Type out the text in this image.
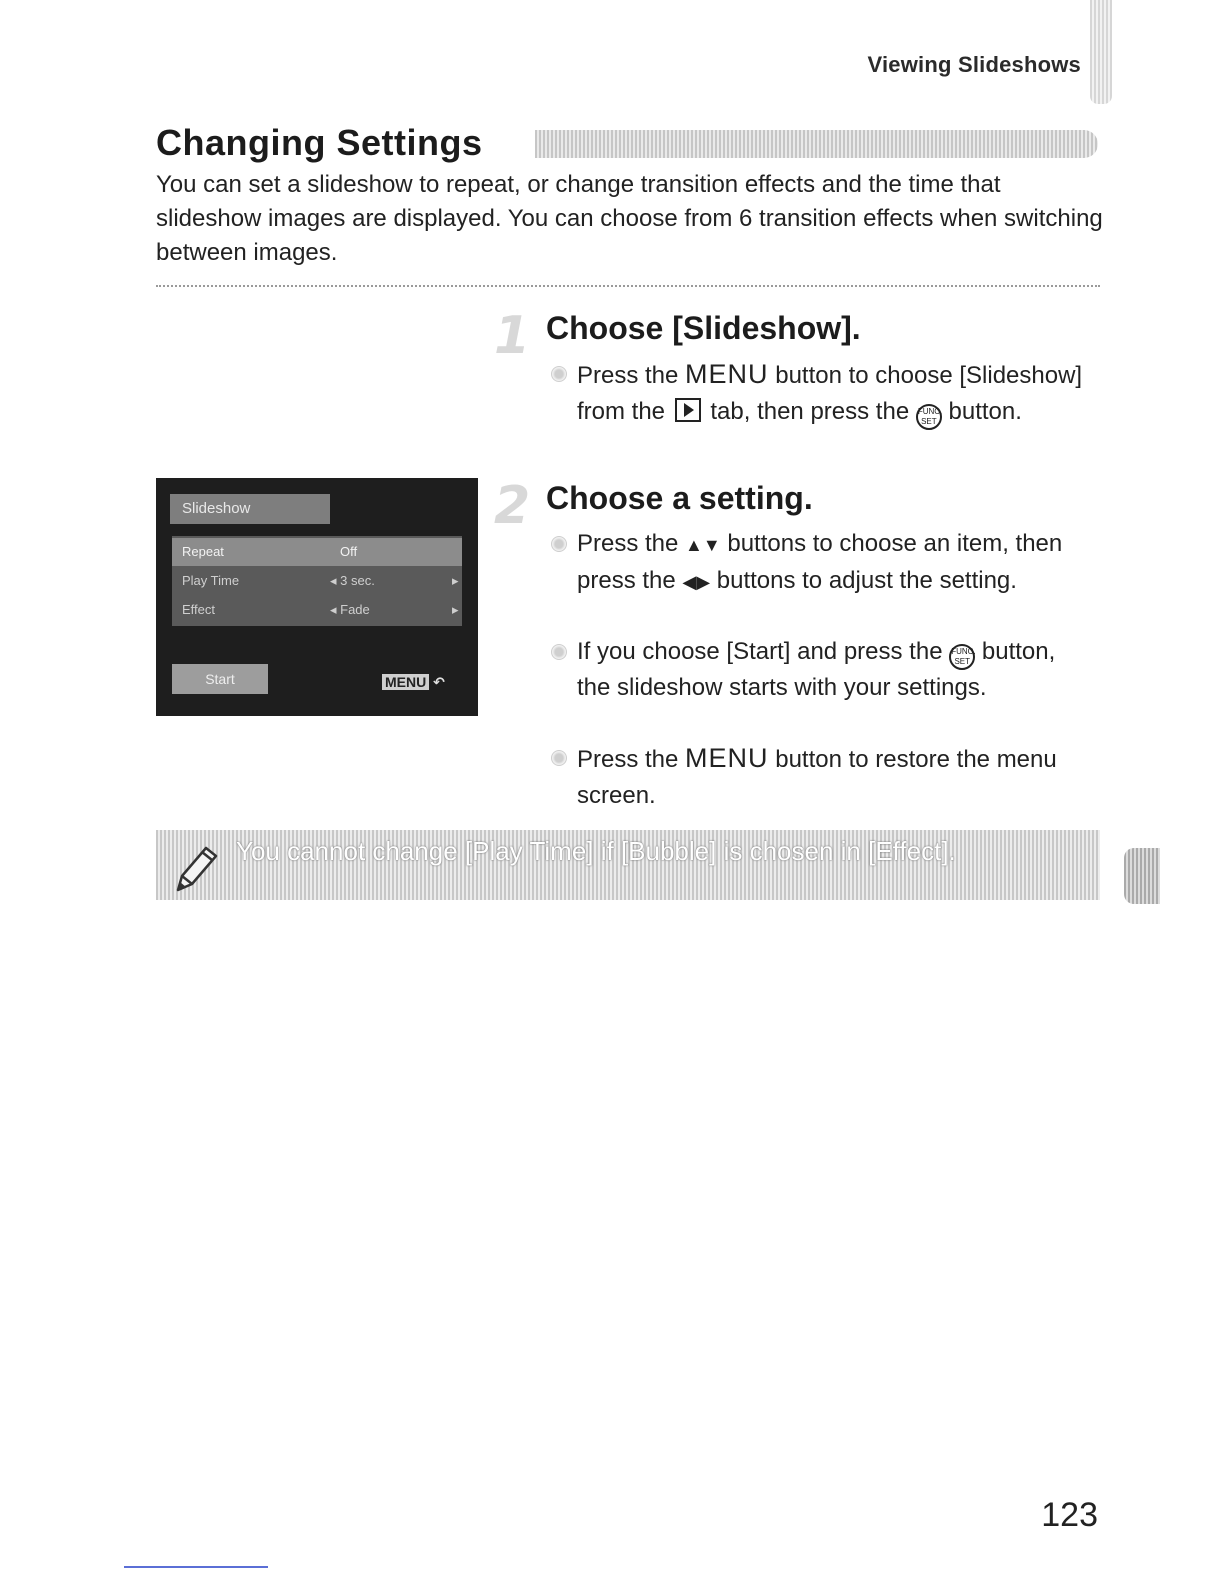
Viewing Slideshows
Changing Settings
You can set a slideshow to repeat, or change transition effects and the time that slideshow images are displayed. You can choose from 6 transition effects when switching between images.
1 Choose [Slideshow].
Press the MENU button to choose [Slideshow] from the  tab, then press the FUNC.
SET button.
Slideshow
Repeat	Off
Play Time	◂ 3 sec.	▸
Effect	◂ Fade	▸
Start	MENU ↶
2 Choose a setting.
Press the ▲▼ buttons to choose an item, then press the ◀▶ buttons to adjust the setting.
If you choose [Start] and press the FUNC.
SET button, the slideshow starts with your settings.
Press the MENU button to restore the menu screen.
You cannot change [Play Time] if [Bubble] is chosen in [Effect].
123
